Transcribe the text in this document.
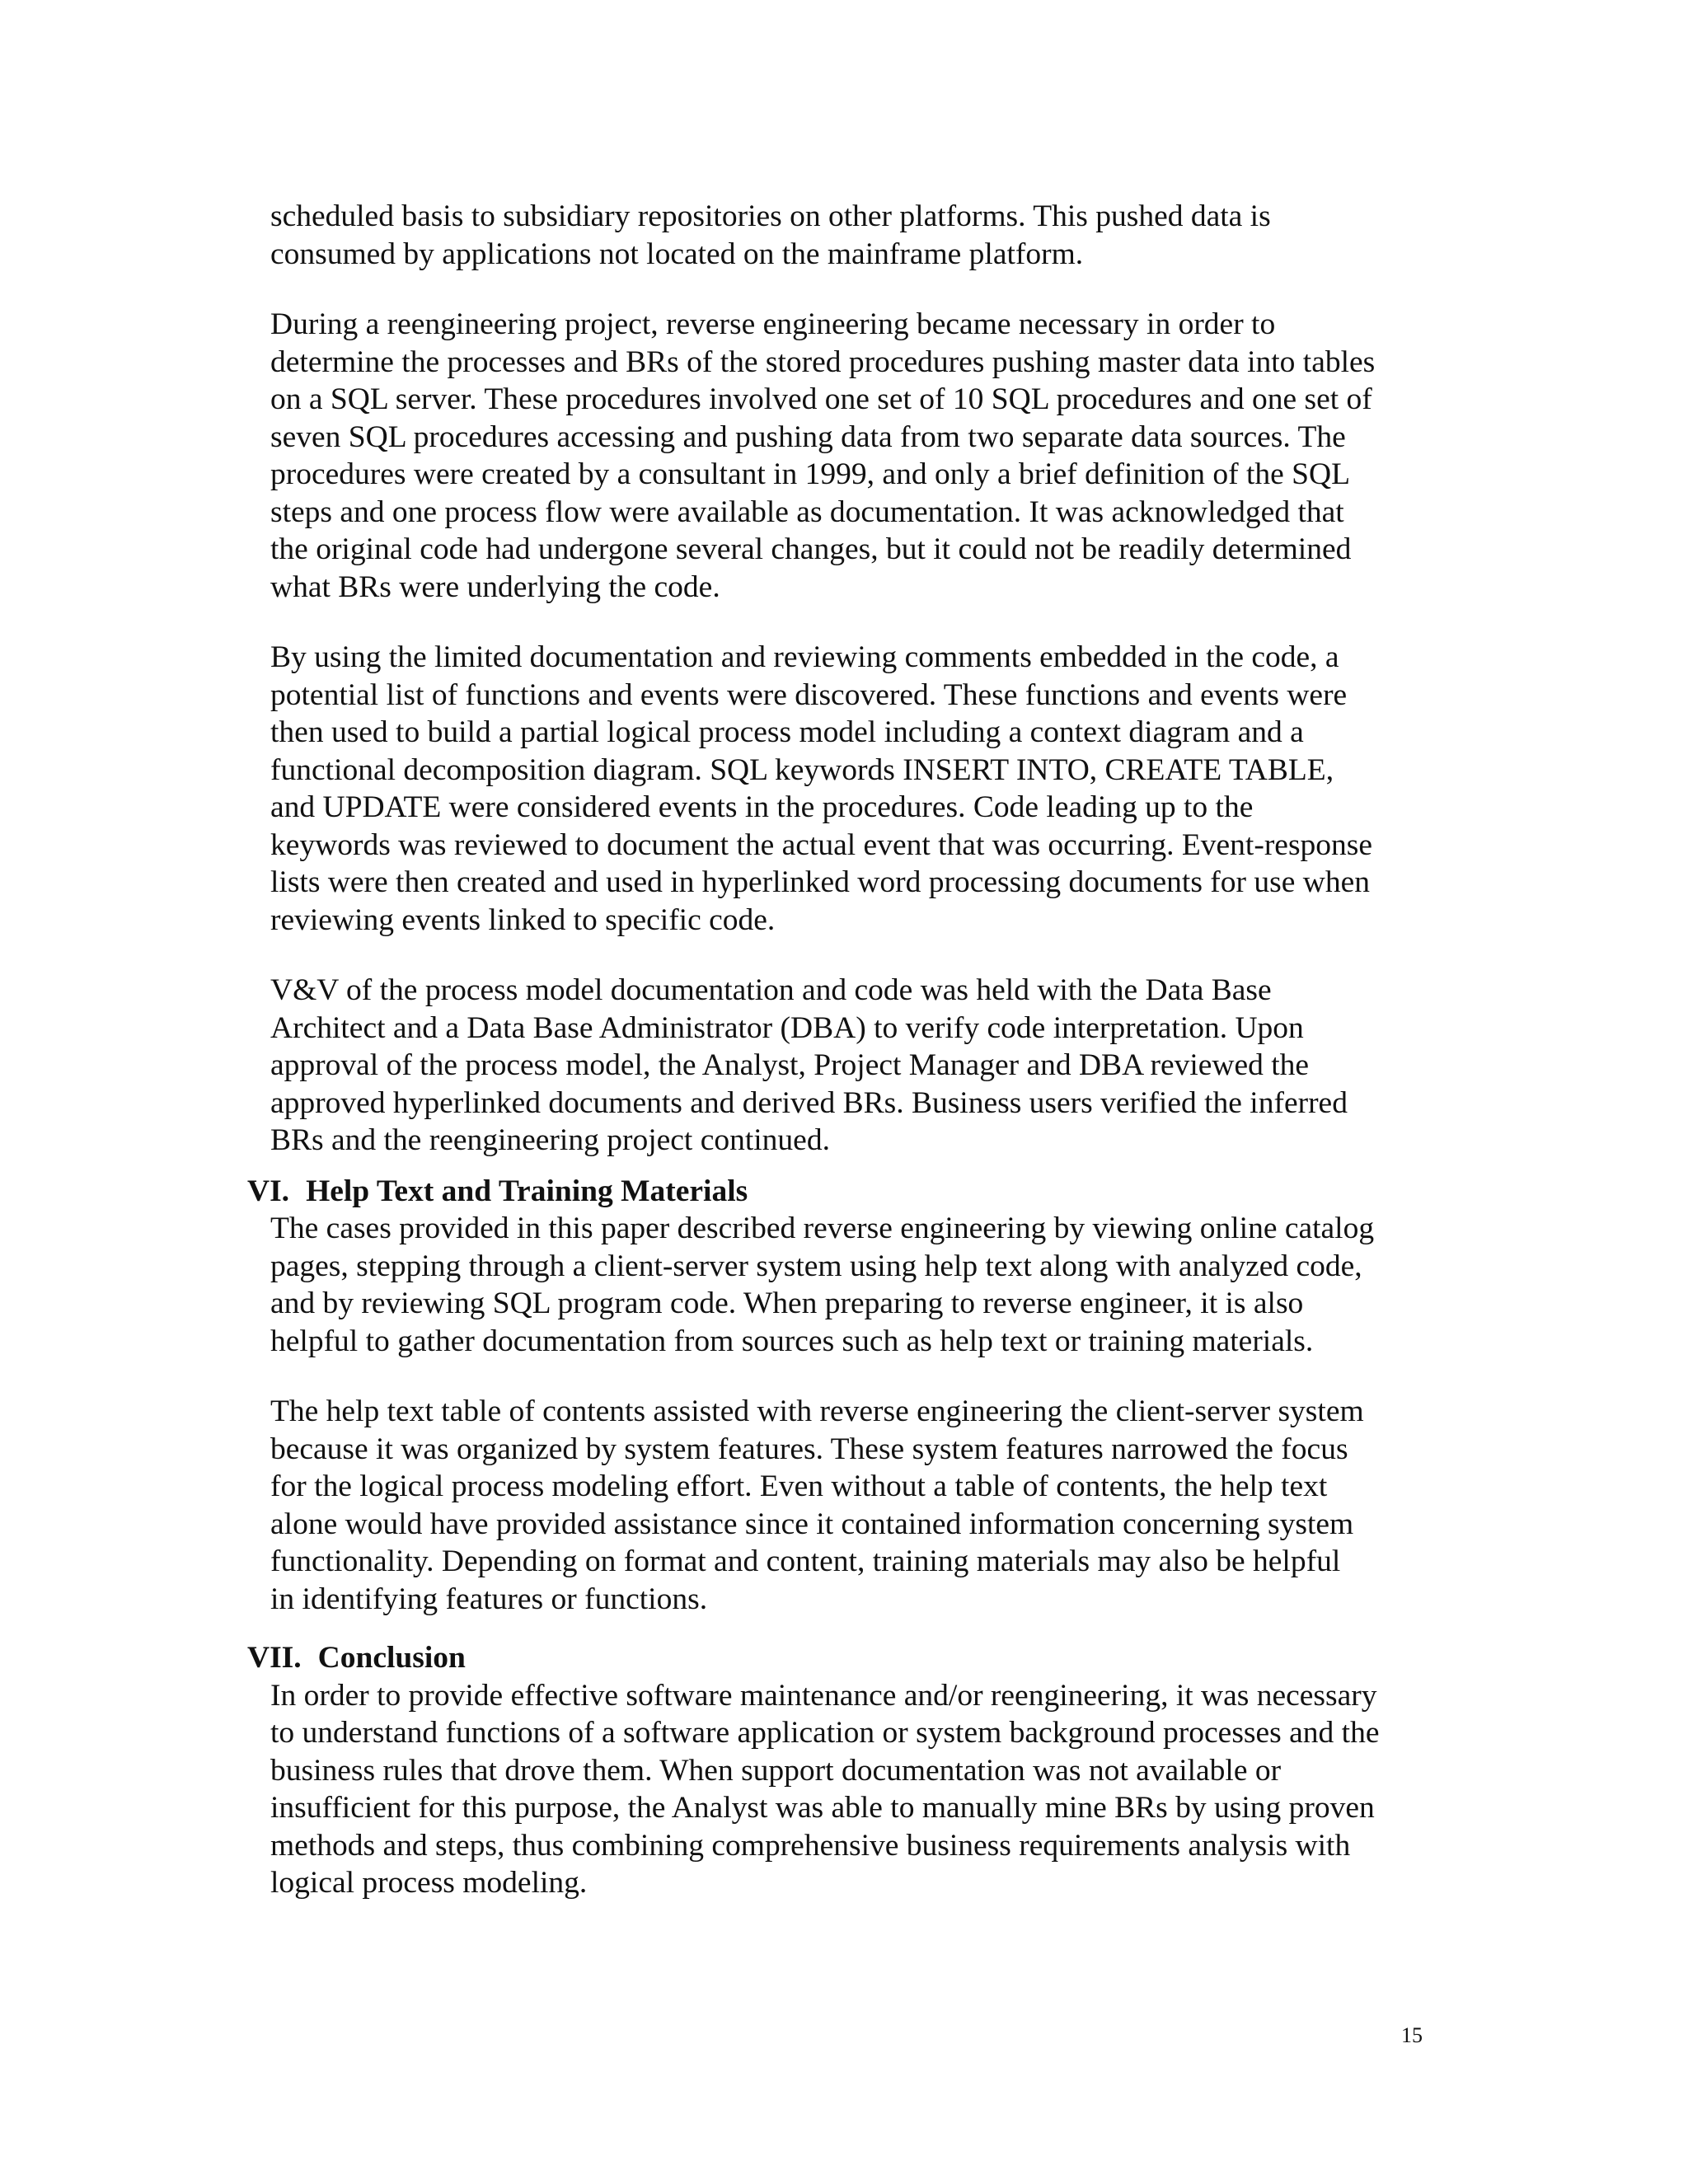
scheduled basis to subsidiary repositories on other platforms. This pushed data is
consumed by applications not located on the mainframe platform.

During a reengineering project, reverse engineering became necessary in order to
determine the processes and BRs of the stored procedures pushing master data into tables
on a SQL server. These procedures involved one set of 10 SQL procedures and one set of
seven SQL procedures accessing and pushing data from two separate data sources. The
procedures were created by a consultant in 1999, and only a brief definition of the SQL
steps and one process flow were available as documentation. It was acknowledged that
the original code had undergone several changes, but it could not be readily determined
what BRs were underlying the code.

By using the limited documentation and reviewing comments embedded in the code, a
potential list of functions and events were discovered. These functions and events were
then used to build a partial logical process model including a context diagram and a
functional decomposition diagram. SQL keywords INSERT INTO, CREATE TABLE,
and UPDATE were considered events in the procedures. Code leading up to the
keywords was reviewed to document the actual event that was occurring. Event-response
lists were then created and used in hyperlinked word processing documents for use when
reviewing events linked to specific code.

V&V of the process model documentation and code was held with the Data Base
Architect and a Data Base Administrator (DBA) to verify code interpretation. Upon
approval of the process model, the Analyst, Project Manager and DBA reviewed the
approved hyperlinked documents and derived BRs. Business users verified the inferred
BRs and the reengineering project continued.

VI. Help Text and Training Materials

The cases provided in this paper described reverse engineering by viewing online catalog
pages, stepping through a client-server system using help text along with analyzed code,
and by reviewing SQL program code. When preparing to reverse engineer, it is also
helpful to gather documentation from sources such as help text or training materials.

The help text table of contents assisted with reverse engineering the client-server system
because it was organized by system features. These system features narrowed the focus
for the logical process modeling effort. Even without a table of contents, the help text
alone would have provided assistance since it contained information concerning system
functionality. Depending on format and content, training materials may also be helpful
in identifying features or functions.

VII. Conclusion

In order to provide effective software maintenance and/or reengineering, it was necessary
to understand functions of a software application or system background processes and the
business rules that drove them. When support documentation was not available or
insufficient for this purpose, the Analyst was able to manually mine BRs by using proven
methods and steps, thus combining comprehensive business requirements analysis with
logical process modeling.

15
